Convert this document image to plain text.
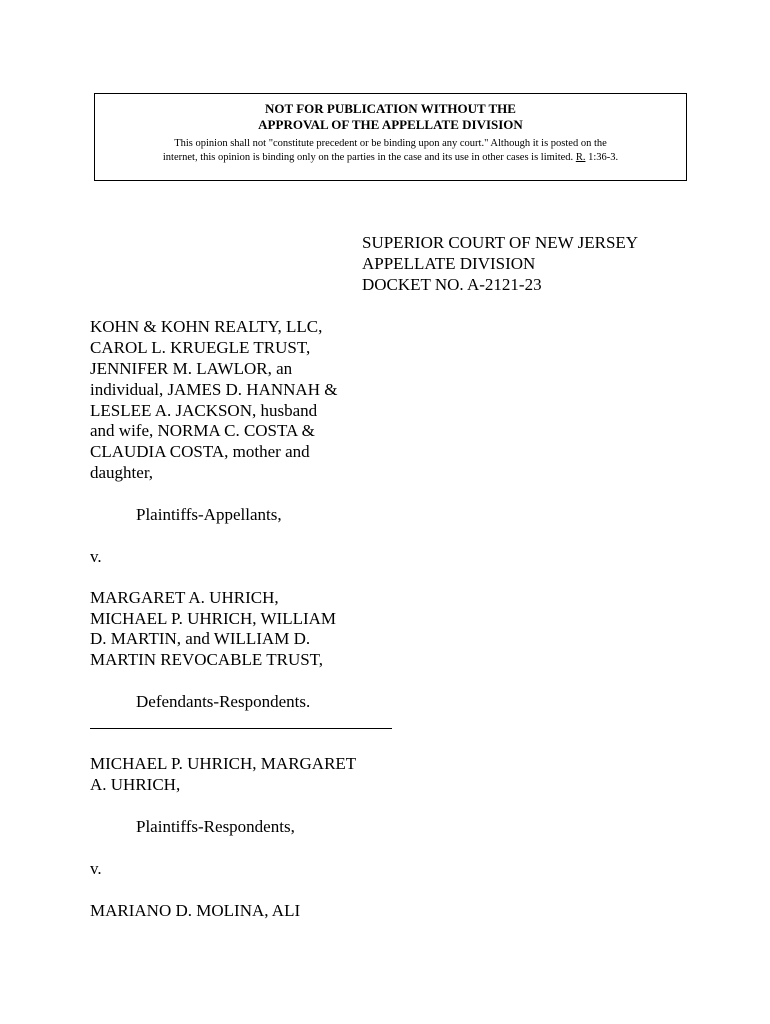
NOT FOR PUBLICATION WITHOUT THE
APPROVAL OF THE APPELLATE DIVISION
This opinion shall not "constitute precedent or be binding upon any court." Although it is posted on the
internet, this opinion is binding only on the parties in the case and its use in other cases is limited. R. 1:36-3.
SUPERIOR COURT OF NEW JERSEY
APPELLATE DIVISION
DOCKET NO. A-2121-23
KOHN & KOHN REALTY, LLC,
CAROL L. KRUEGLE TRUST,
JENNIFER M. LAWLOR, an
individual, JAMES D. HANNAH &
LESLEE A. JACKSON, husband
and wife, NORMA C. COSTA &
CLAUDIA COSTA, mother and
daughter,
Plaintiffs-Appellants,
v.
MARGARET A. UHRICH,
MICHAEL P. UHRICH, WILLIAM
D. MARTIN, and WILLIAM D.
MARTIN REVOCABLE TRUST,
Defendants-Respondents.
MICHAEL P. UHRICH, MARGARET
A. UHRICH,
Plaintiffs-Respondents,
v.
MARIANO D. MOLINA, ALI
